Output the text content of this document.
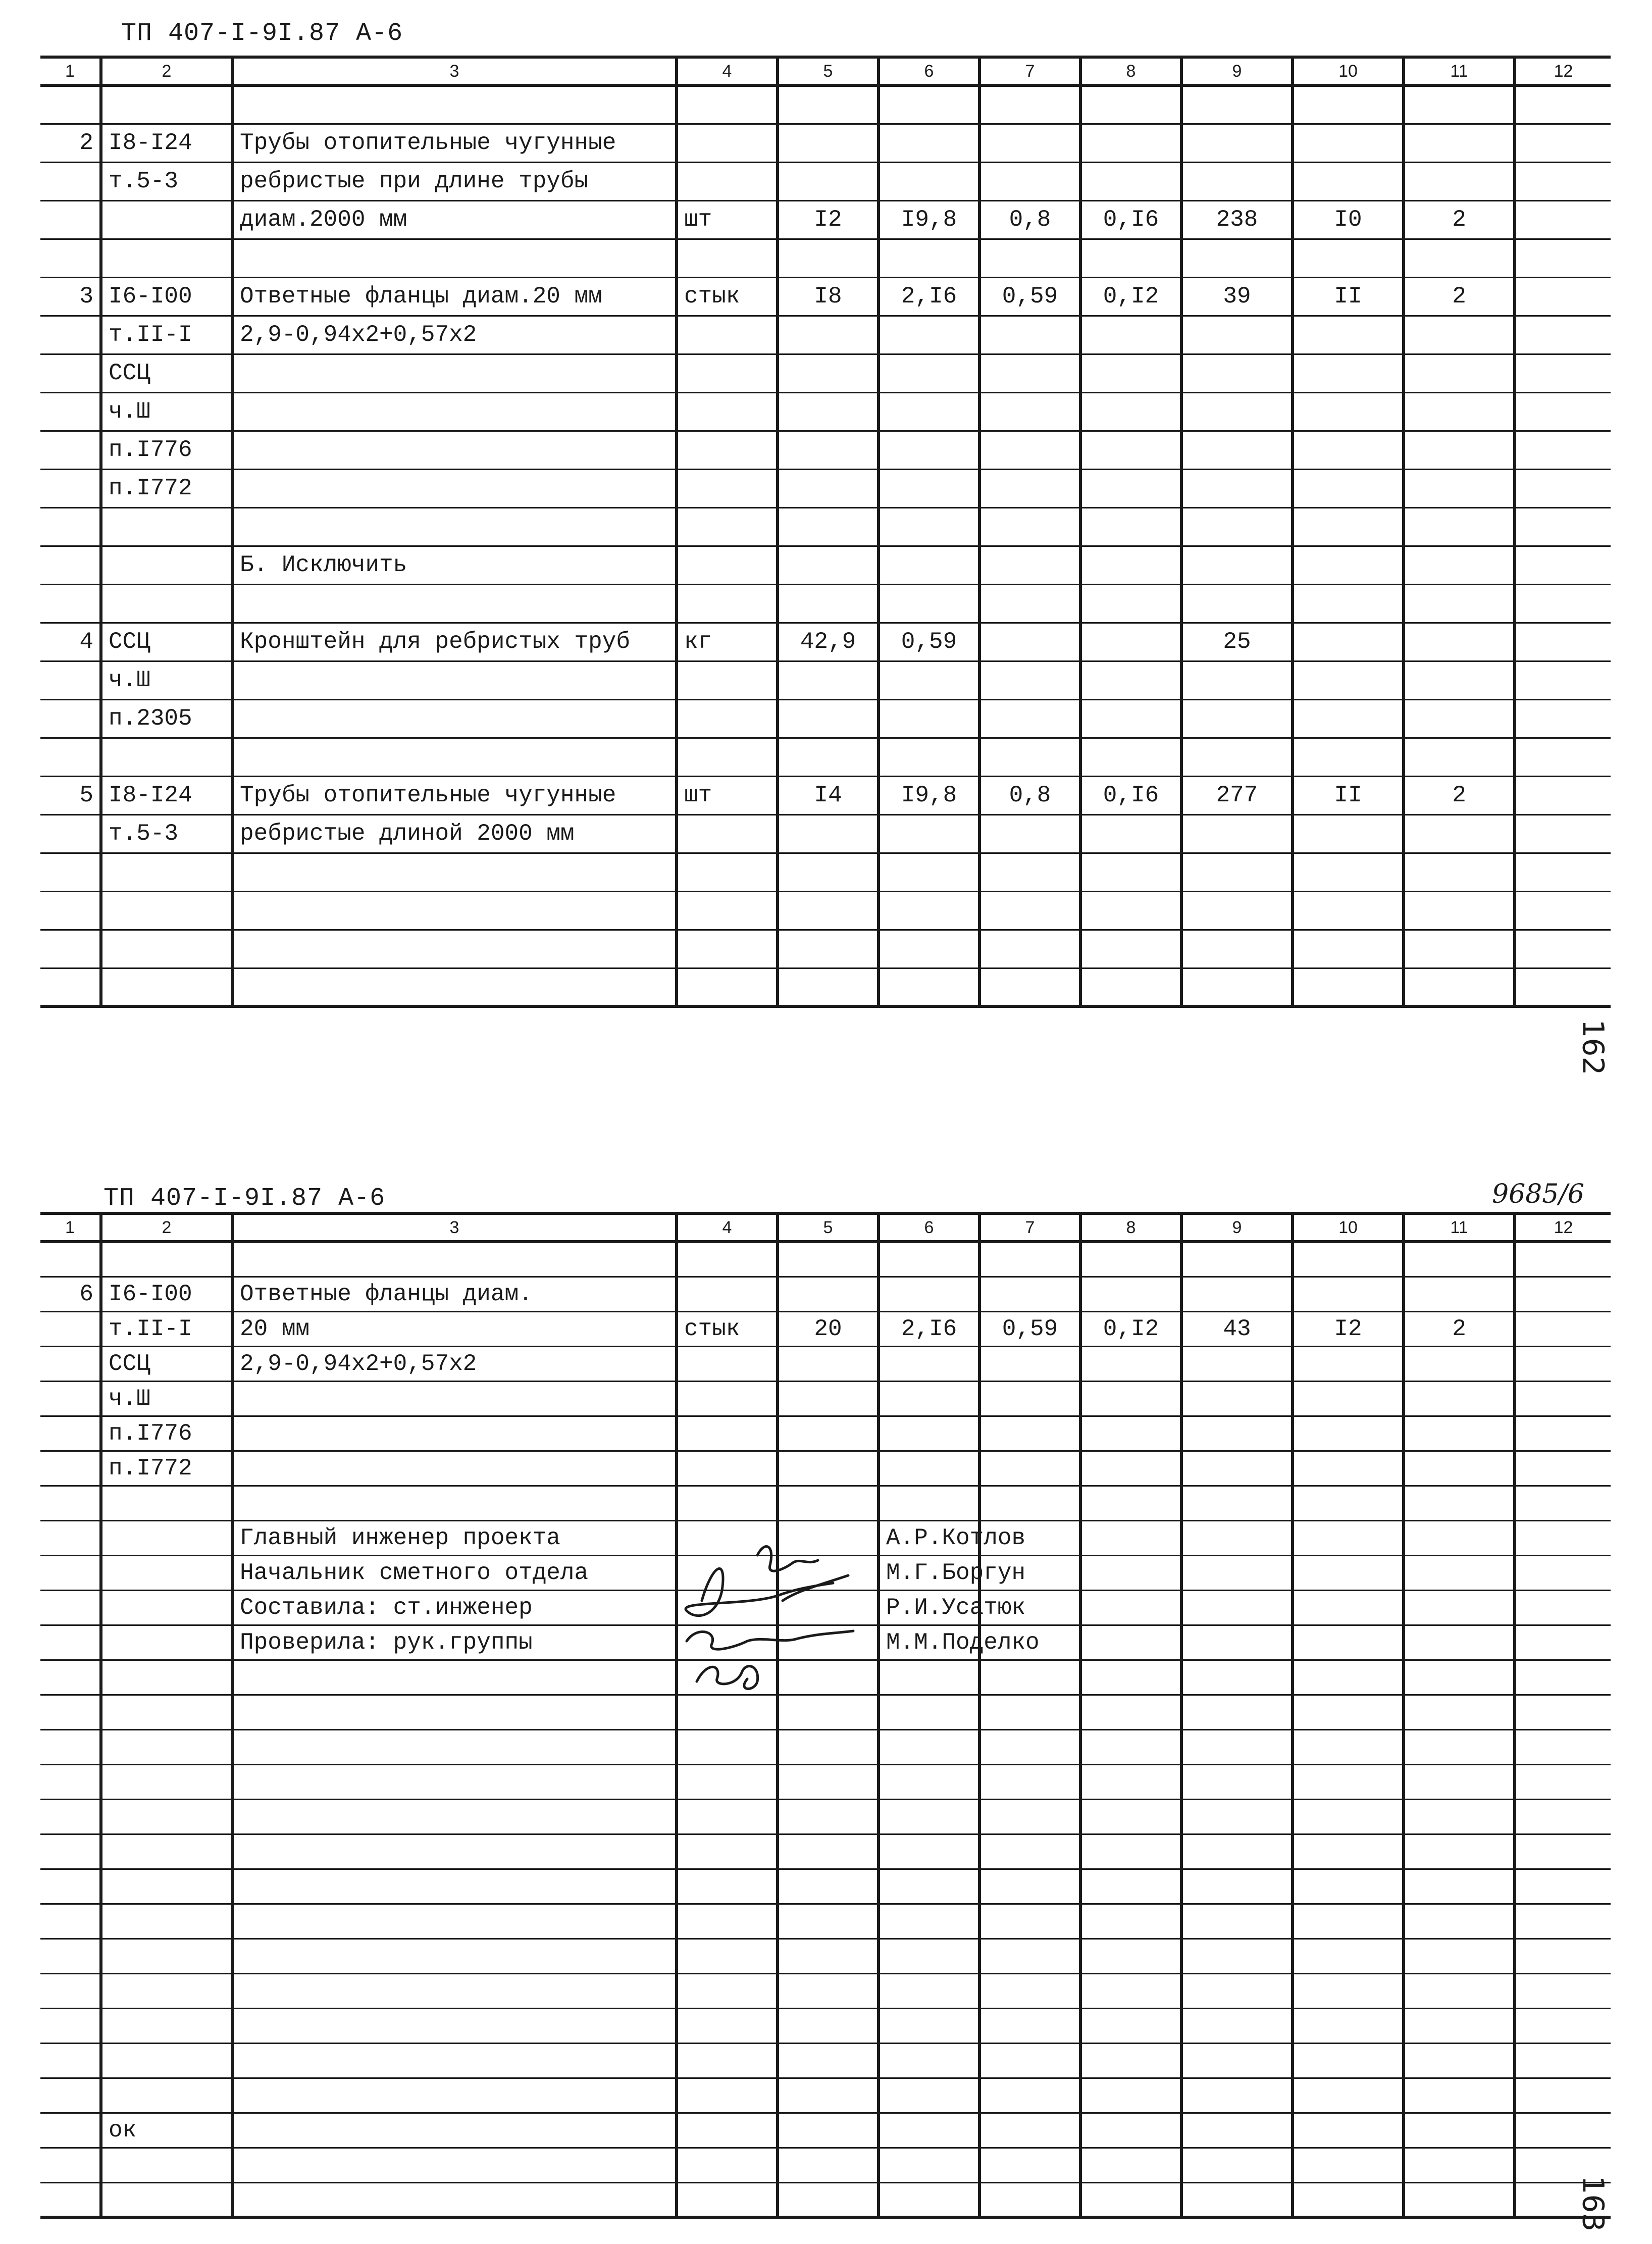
ТП 407-I-9I.87 А-6
1	2	3	4	5	6	7	8	9	10	11	12

2	I8-I24	Трубы отопительные чугунные									
	т.5-3	ребристые при длине трубы									
		диам.2000 мм	шт	I2	I9,8	0,8	0,I6	238	I0	2	

3	I6-I00	Ответные фланцы диам.20 мм	стык	I8	2,I6	0,59	0,I2	39	II	2	
	т.II-I	2,9-0,94х2+0,57х2									
	ССЦ										
	ч.Ш										
	п.I776										
	п.I772										

		Б. Исключить									

4	ССЦ	Кронштейн для ребристых труб	кг	42,9	0,59			25			
	ч.Ш										
	п.2305										

5	I8-I24	Трубы отопительные чугунные	шт	I4	I9,8	0,8	0,I6	277	II	2	
	т.5-3	ребристые длиной 2000 мм									

162
ТП 407-I-9I.87 А-6	9685/6
1	2	3	4	5	6	7	8	9	10	11	12

6	I6-I00	Ответные фланцы диам.									
	т.II-I	20 мм	стык	20	2,I6	0,59	0,I2	43	I2	2	
	ССЦ	2,9-0,94х2+0,57х2									
	ч.Ш										
	п.I776										
	п.I772										

		Главный инженер проекта			А.Р.Котлов						
		Начальник сметного отдела			М.Г.Боргун						
		Составила: ст.инженер			Р.И.Усатюк						
		Проверила: рук.группы			М.М.Поделко						

	ок										

163
